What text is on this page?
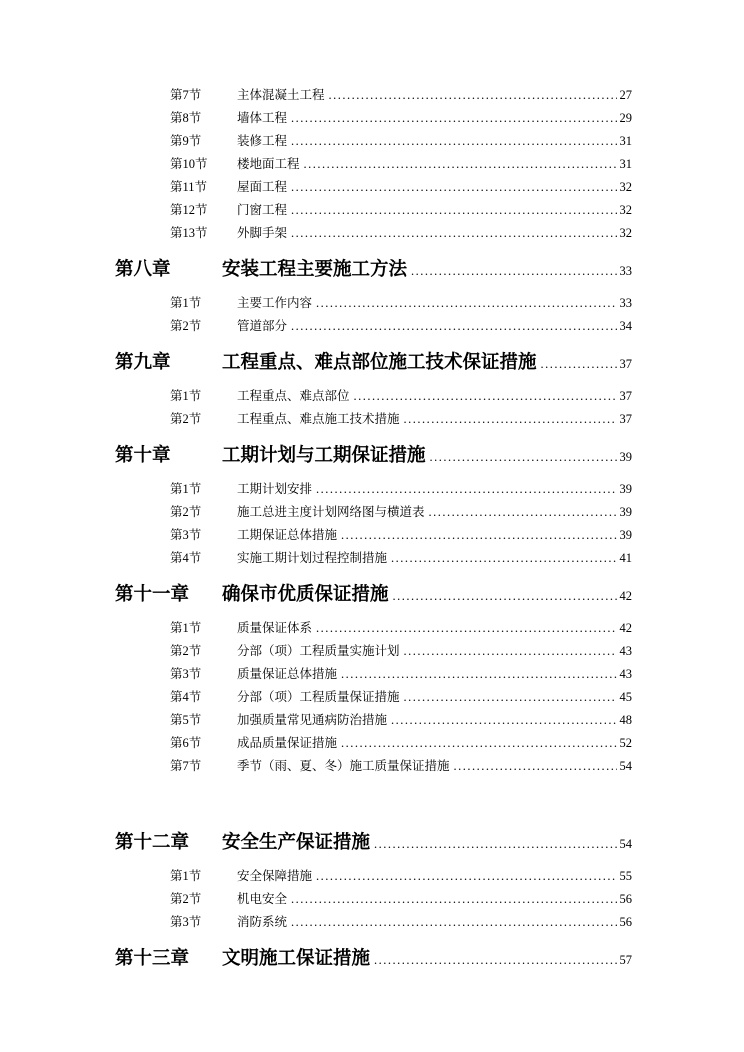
第7节	主体混凝土工程 .....	27
第8节	墙体工程 .....	29
第9节	装修工程 .....	31
第10节	楼地面工程 .....	31
第11节	屋面工程 .....	32
第12节	门窗工程 .....	32
第13节	外脚手架 .....	32
第八章	安装工程主要施工方法 .....	33
第1节	主要工作内容 .....	33
第2节	管道部分 .....	34
第九章	工程重点、难点部位施工技术保证措施 .....	37
第1节	工程重点、难点部位 .....	37
第2节	工程重点、难点施工技术措施 .....	37
第十章	工期计划与工期保证措施 .....	39
第1节	工期计划安排 .....	39
第2节	施工总进主度计划网络图与横道表 .....	39
第3节	工期保证总体措施 .....	39
第4节	实施工期计划过程控制措施 .....	41
第十一章	确保市优质保证措施 .....	42
第1节	质量保证体系 .....	42
第2节	分部（项）工程质量实施计划 .....	43
第3节	质量保证总体措施 .....	43
第4节	分部（项）工程质量保证措施 .....	45
第5节	加强质量常见通病防治措施 .....	48
第6节	成品质量保证措施 .....	52
第7节	季节（雨、夏、冬）施工质量保证措施 .....	54
第十二章	安全生产保证措施 .....	54
第1节	安全保障措施 .....	55
第2节	机电安全 .....	56
第3节	消防系统 .....	56
第十三章	文明施工保证措施 .....	57
